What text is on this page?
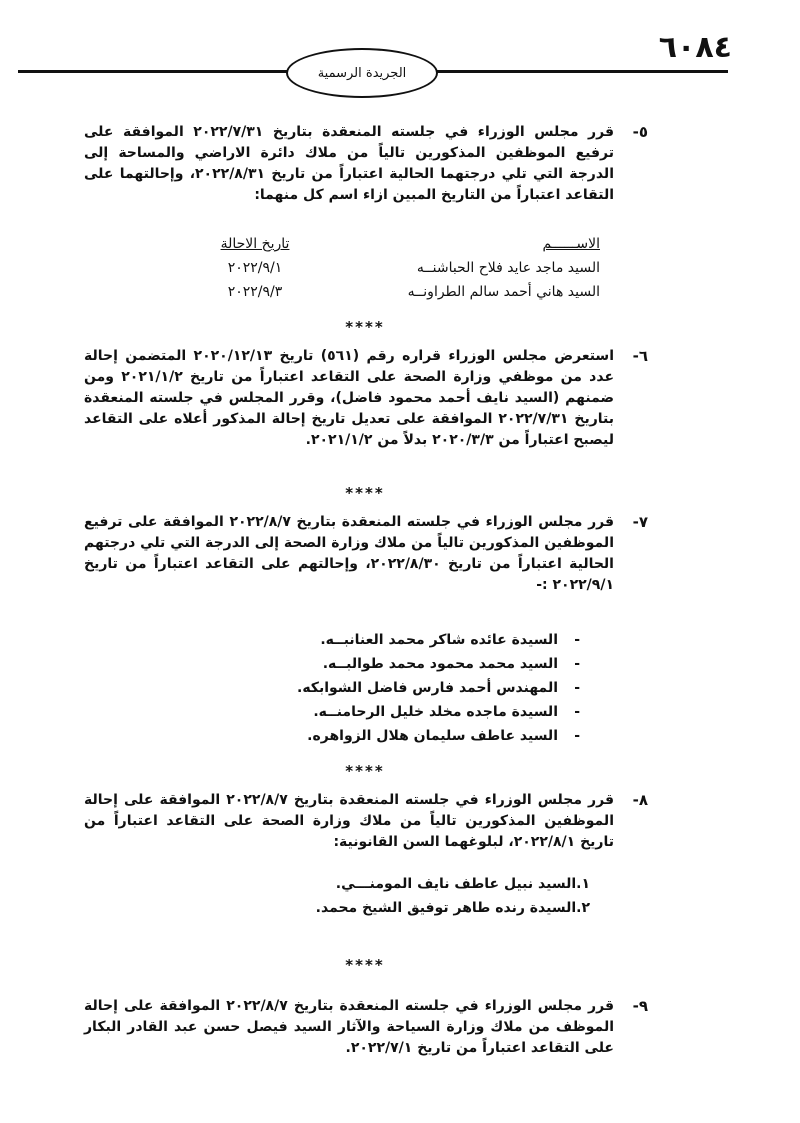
٦٠٨٤
الجريدة الرسمية
٥-
قرر مجلس الوزراء في جلسته المنعقدة بتاريخ ٢٠٢٢/٧/٣١ الموافقة على ترفيع الموظفين المذكورين تالياً من ملاك دائرة الاراضي والمساحة إلى الدرجة التي تلي درجتهما الحالية اعتباراً من تاريخ ٢٠٢٢/٨/٣١، وإحالتهما على التقاعد اعتباراً من التاريخ المبين ازاء اسم كل منهما:
الاســــــم
تاريخ الاحالة
السيد ماجد عايد فلاح الحباشنــه
٢٠٢٢/٩/١
السيد هاني أحمد سالم الطراونــه
٢٠٢٢/٩/٣
****
٦-
استعرض مجلس الوزراء قراره رقم (٥٦١) تاريخ ٢٠٢٠/١٢/١٣ المتضمن إحالة عدد من موظفي وزارة الصحة على التقاعد اعتباراً من تاريخ ٢٠٢١/١/٢ ومن ضمنهم (السيد نايف أحمد محمود فاضل)، وقرر المجلس في جلسته المنعقدة بتاريخ ٢٠٢٢/٧/٣١ الموافقة على تعديل تاريخ إحالة المذكور أعلاه على التقاعد ليصبح اعتباراً من ٢٠٢٠/٣/٣ بدلاً من ٢٠٢١/١/٢.
****
٧-
قرر مجلس الوزراء في جلسته المنعقدة بتاريخ ٢٠٢٢/٨/٧ الموافقة على ترفيع الموظفين المذكورين تالياً من ملاك وزارة الصحة إلى الدرجة التي تلي درجتهم الحالية اعتباراً من تاريخ ٢٠٢٢/٨/٣٠، وإحالتهم على التقاعد اعتباراً من تاريخ ٢٠٢٢/٩/١ :-
-
السيدة عائده شاكر محمد العنانبــه.
-
السيد محمد محمود محمد طوالبــه.
-
المهندس أحمد فارس فاضل الشوابكه.
-
السيدة ماجده مخلد خليل الرحامنــه.
-
السيد عاطف سليمان هلال الزواهره.
****
٨-
قرر مجلس الوزراء في جلسته المنعقدة بتاريخ ٢٠٢٢/٨/٧ الموافقة على إحالة الموظفين المذكورين تالياً من ملاك وزارة الصحة على التقاعد اعتباراً من تاريخ ٢٠٢٢/٨/١، لبلوغهما السن القانونية:
١.السيد نبيل عاطف نايف المومنـــي.
٢.السيدة رنده طاهر توفيق الشيخ محمد.
****
٩-
قرر مجلس الوزراء في جلسته المنعقدة بتاريخ ٢٠٢٢/٨/٧ الموافقة على إحالة الموظف من ملاك وزارة السياحة والآثار السيد فيصل حسن عبد القادر البكار على التقاعد اعتباراً من تاريخ ٢٠٢٢/٧/١.
